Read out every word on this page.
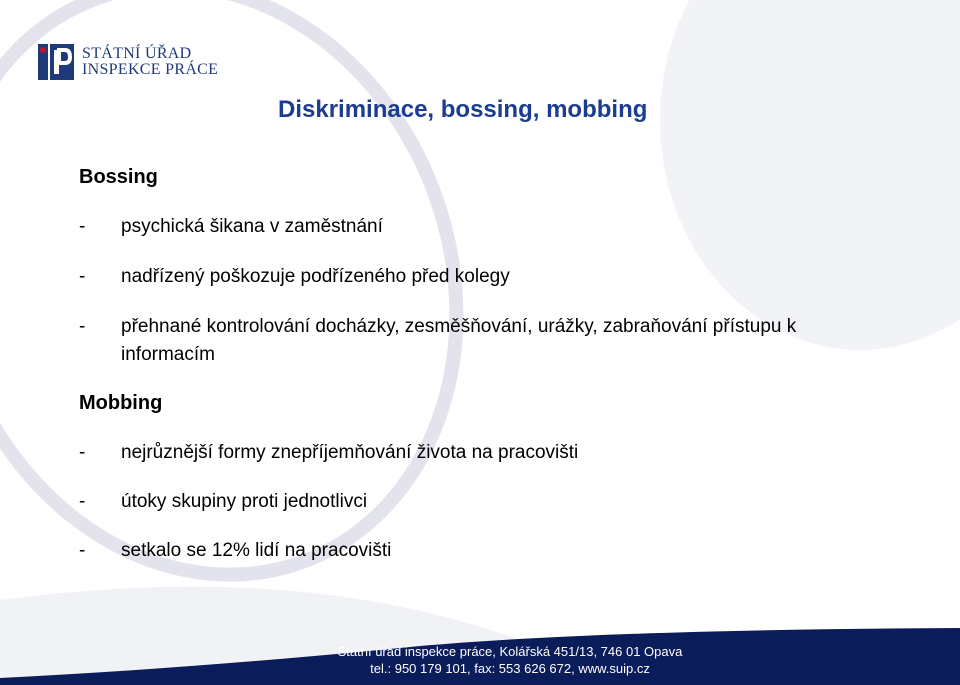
STÁTNÍ ÚŘAD
INSPEKCE PRÁCE
Diskriminace, bossing, mobbing
Bossing
- psychická šikana v zaměstnání
- nadřízený poškozuje podřízeného před kolegy
- přehnané kontrolování docházky, zesměšňování, urážky, zabraňování přístupu k informacím
Mobbing
- nejrůznější formy znepříjemňování života na pracovišti
- útoky skupiny proti jednotlivci
- setkalo se 12% lidí na pracovišti
Státní úřad inspekce práce, Kolářská 451/13, 746 01 Opava
tel.: 950 179 101, fax: 553 626 672, www.suip.cz
